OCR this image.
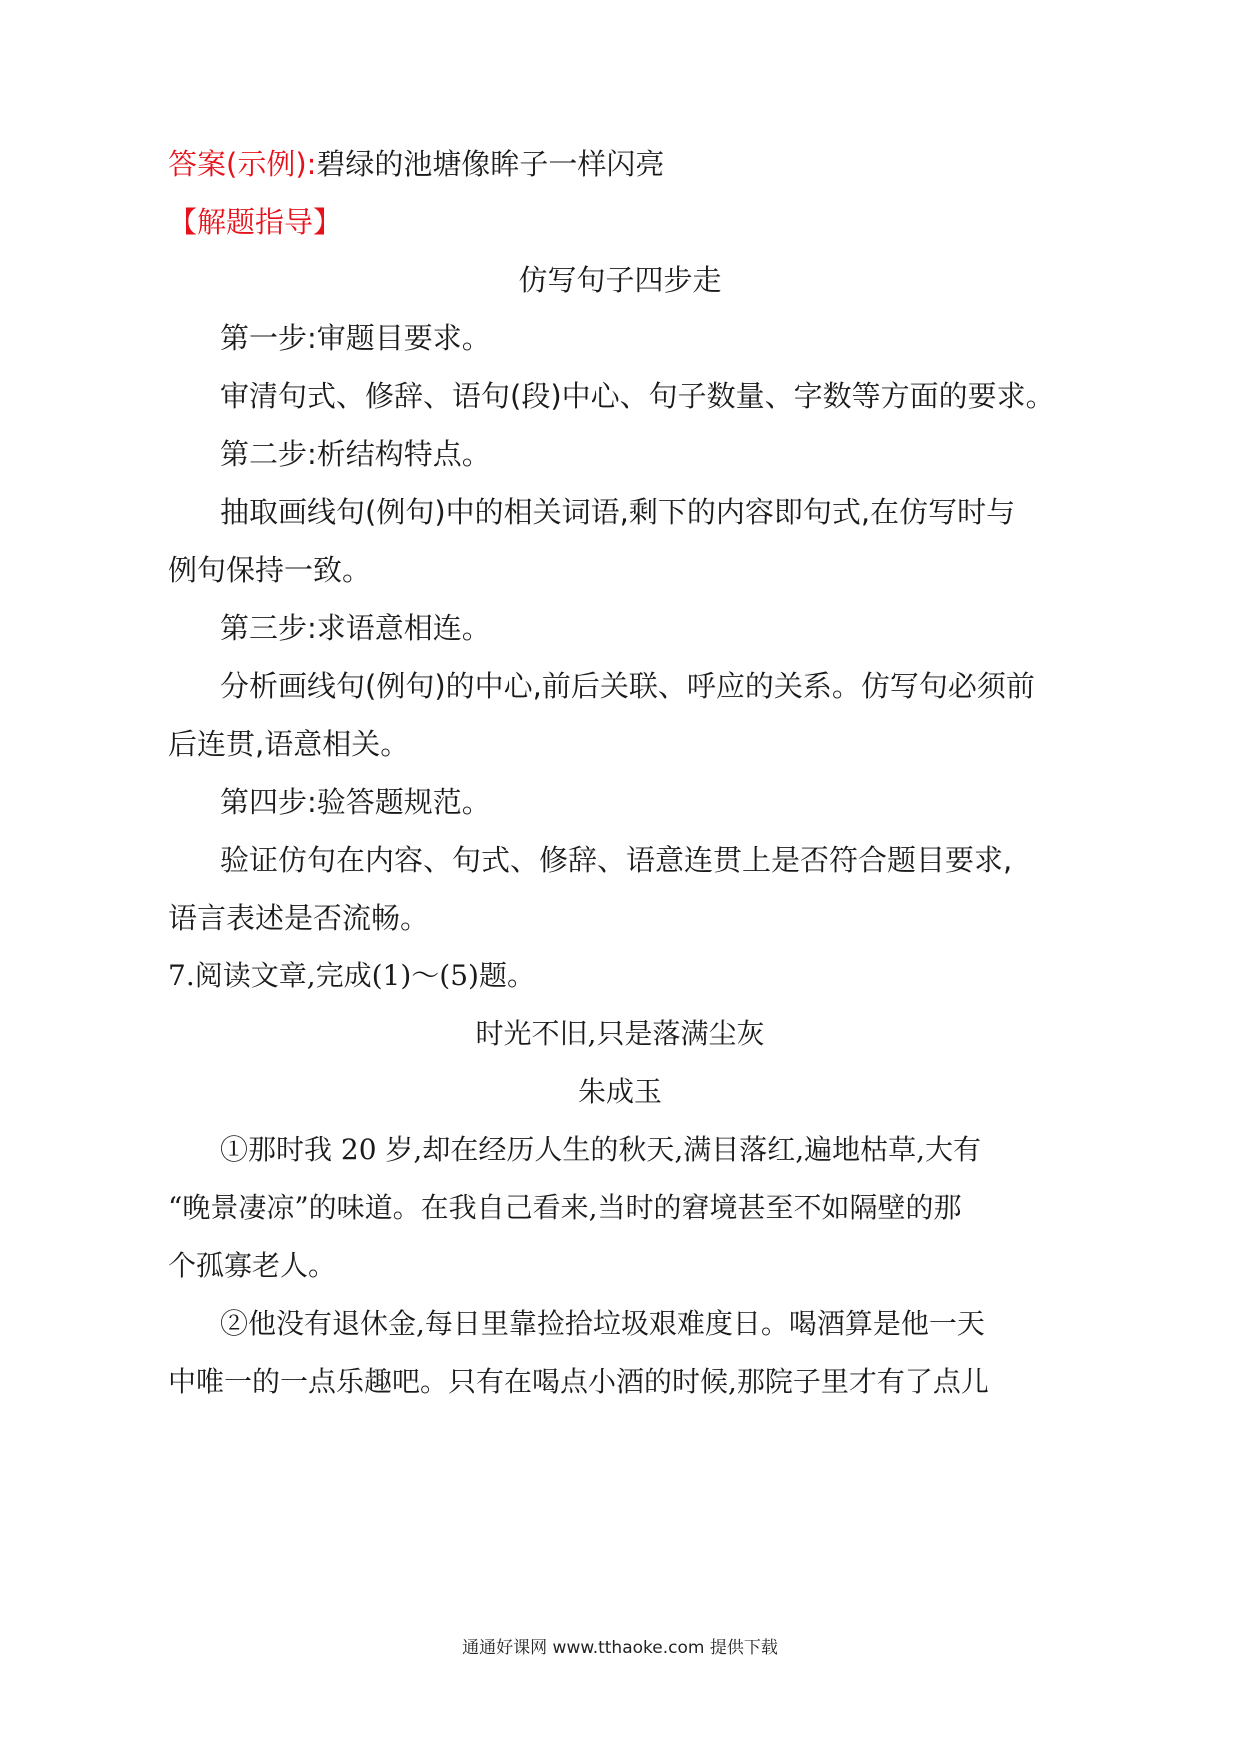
答案(示例):碧绿的池塘像眸子一样闪亮
【解题指导】
仿写句子四步走
第一步:审题目要求。
审清句式、修辞、语句(段)中心、句子数量、字数等方面的要求。
第二步:析结构特点。
抽取画线句(例句)中的相关词语,剩下的内容即句式,在仿写时与
例句保持一致。
第三步:求语意相连。
分析画线句(例句)的中心,前后关联、呼应的关系。仿写句必须前
后连贯,语意相关。
第四步:验答题规范。
验证仿句在内容、句式、修辞、语意连贯上是否符合题目要求,
语言表述是否流畅。
7.阅读文章,完成(1)～(5)题。
时光不旧,只是落满尘灰
朱成玉
①那时我 20 岁,却在经历人生的秋天,满目落红,遍地枯草,大有
“晚景凄凉”的味道。在我自己看来,当时的窘境甚至不如隔壁的那
个孤寡老人。
②他没有退休金,每日里靠捡拾垃圾艰难度日。喝酒算是他一天
中唯一的一点乐趣吧。只有在喝点小酒的时候,那院子里才有了点儿
通通好课网 www.tthaoke.com 提供下载
